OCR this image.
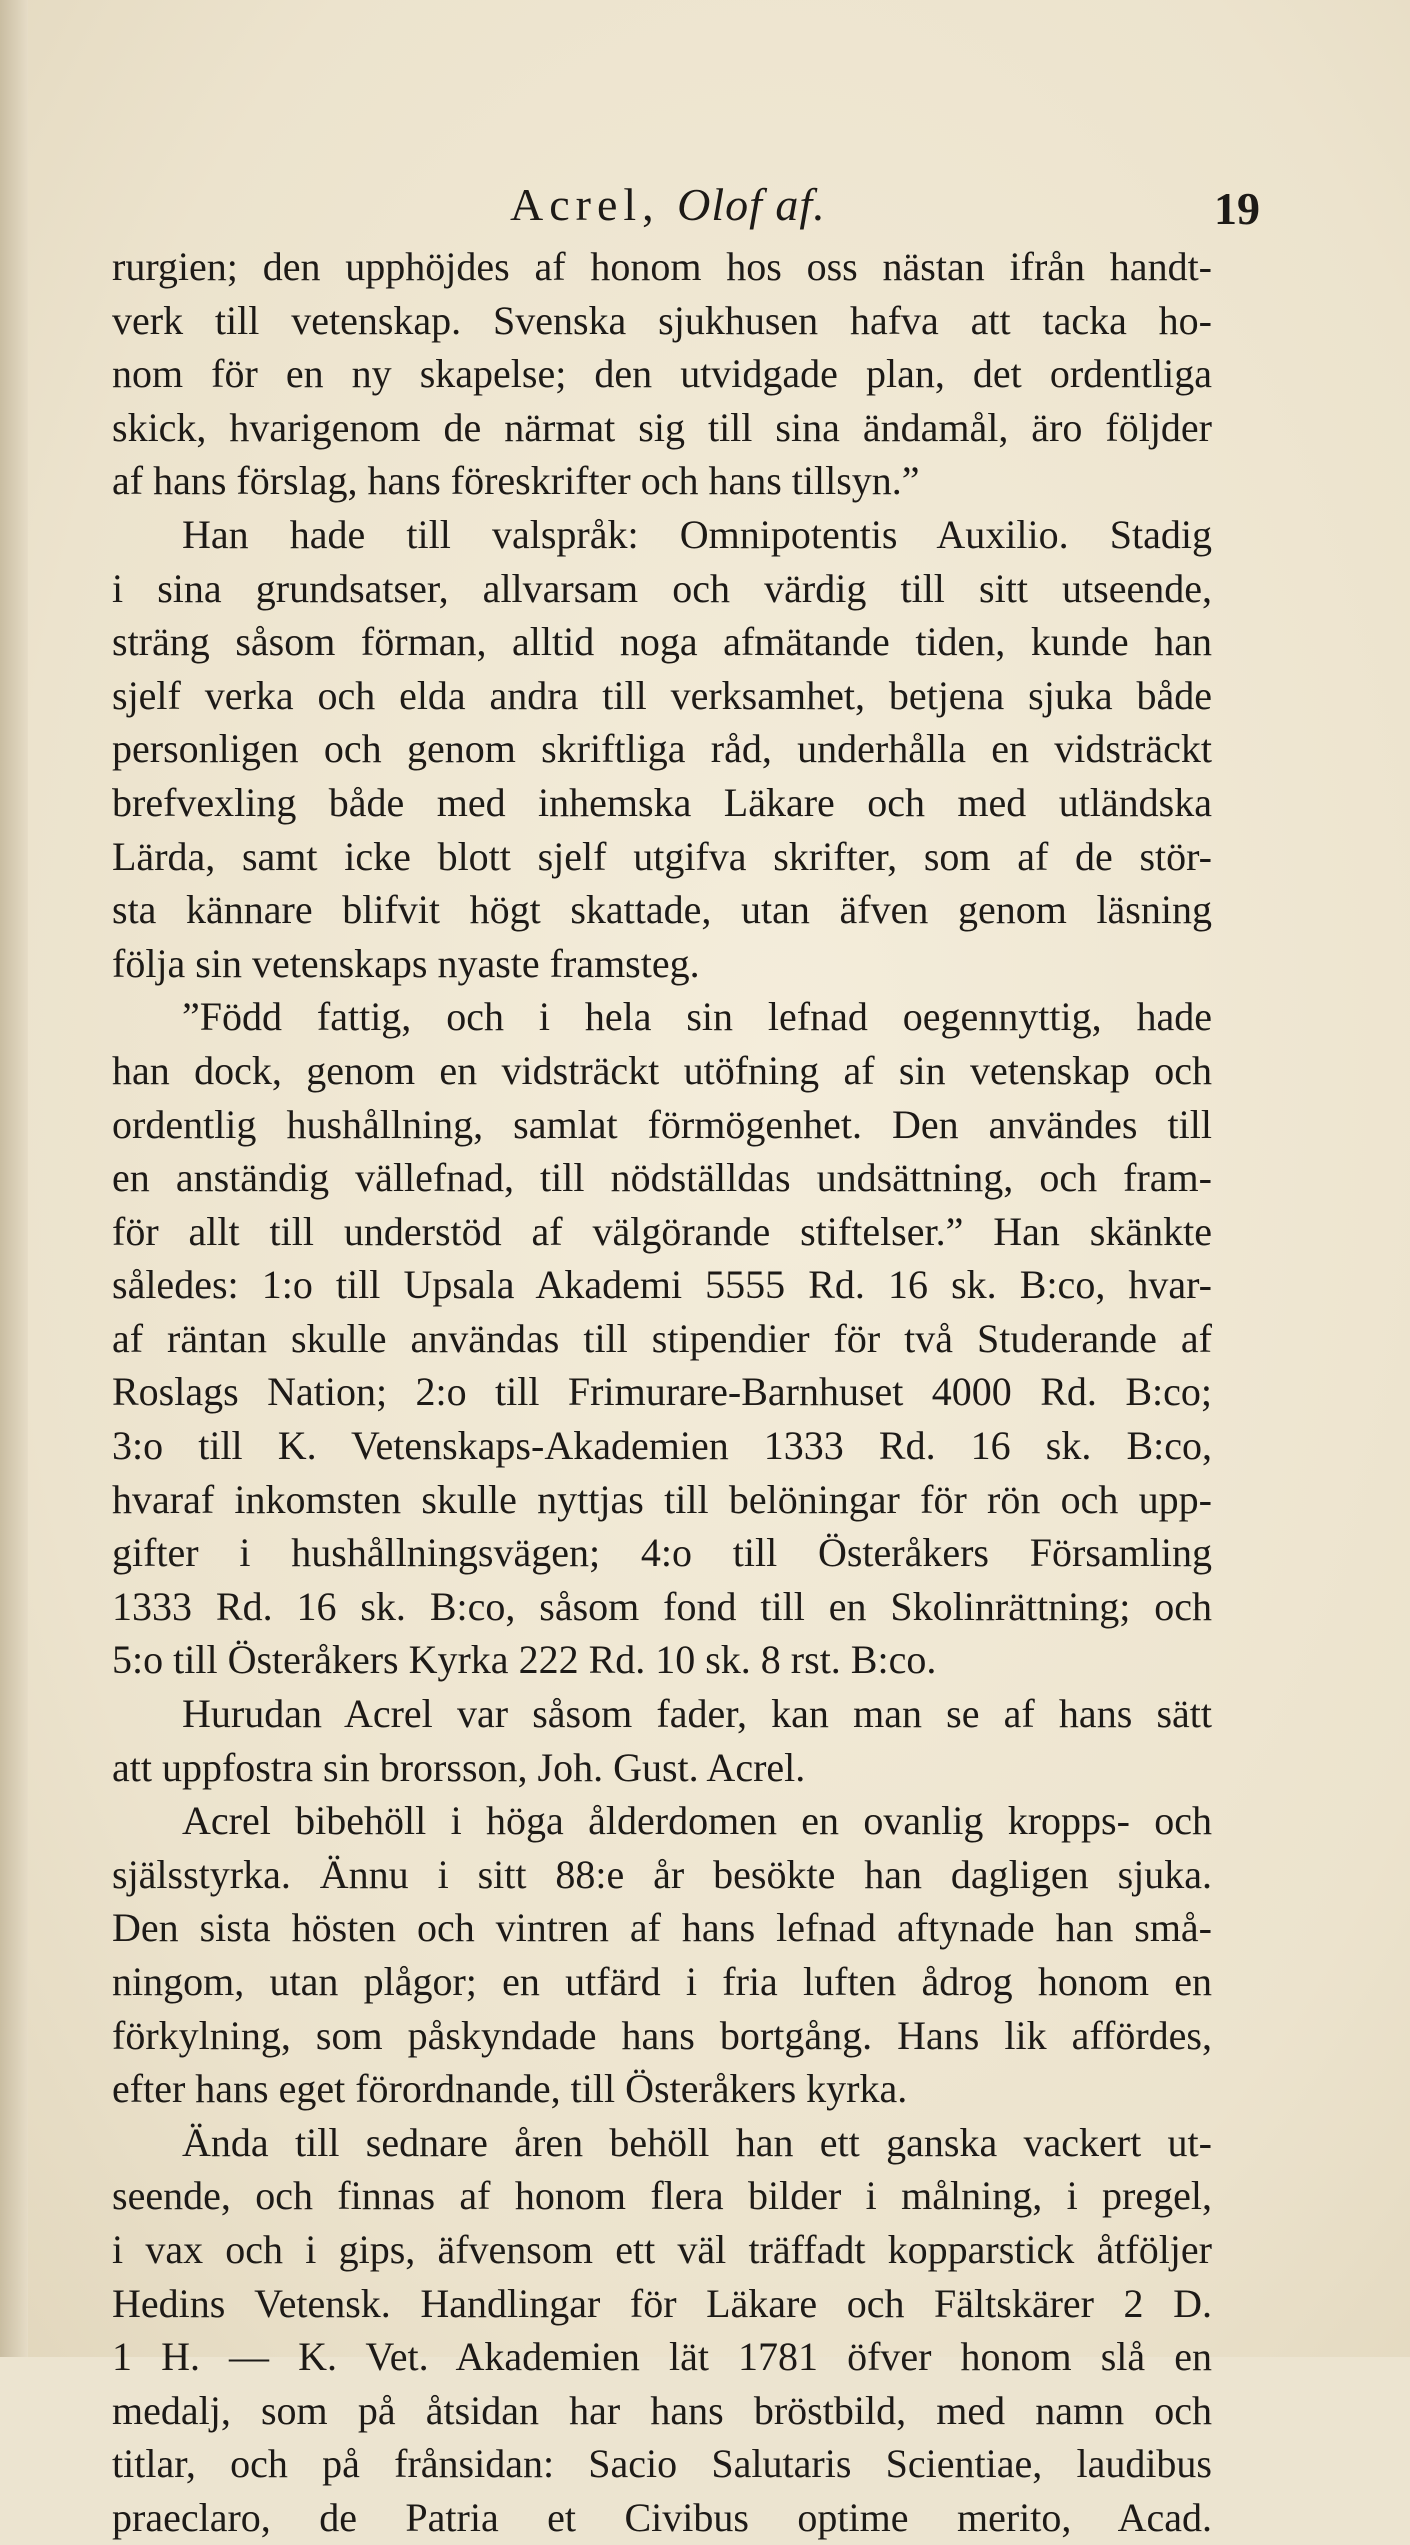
Acrel, Olof af.	19
rurgien; den upphöjdes af honom hos oss nästan ifrån handt-
verk till vetenskap. Svenska sjukhusen hafva att tacka ho-
nom för en ny skapelse; den utvidgade plan, det ordentliga
skick, hvarigenom de närmat sig till sina ändamål, äro följder
af hans förslag, hans föreskrifter och hans tillsyn.”
Han hade till valspråk: Omnipotentis Auxilio. Stadig
i sina grundsatser, allvarsam och värdig till sitt utseende,
sträng såsom förman, alltid noga afmätande tiden, kunde han
sjelf verka och elda andra till verksamhet, betjena sjuka både
personligen och genom skriftliga råd, underhålla en vidsträckt
brefvexling både med inhemska Läkare och med utländska
Lärda, samt icke blott sjelf utgifva skrifter, som af de stör-
sta kännare blifvit högt skattade, utan äfven genom läsning
följa sin vetenskaps nyaste framsteg.
”Född fattig, och i hela sin lefnad oegennyttig, hade
han dock, genom en vidsträckt utöfning af sin vetenskap och
ordentlig hushållning, samlat förmögenhet. Den användes till
en anständig vällefnad, till nödställdas undsättning, och fram-
för allt till understöd af välgörande stiftelser.” Han skänkte
således: 1:o till Upsala Akademi 5555 Rd. 16 sk. B:co, hvar-
af räntan skulle användas till stipendier för två Studerande af
Roslags Nation; 2:o till Frimurare-Barnhuset 4000 Rd. B:co;
3:o till K. Vetenskaps-Akademien 1333 Rd. 16 sk. B:co,
hvaraf inkomsten skulle nyttjas till belöningar för rön och upp-
gifter i hushållningsvägen; 4:o till Österåkers Församling
1333 Rd. 16 sk. B:co, såsom fond till en Skolinrättning; och
5:o till Österåkers Kyrka 222 Rd. 10 sk. 8 rst. B:co.
Hurudan Acrel var såsom fader, kan man se af hans sätt
att uppfostra sin brorsson, Joh. Gust. Acrel.
Acrel bibehöll i höga ålderdomen en ovanlig kropps- och
själsstyrka. Ännu i sitt 88:e år besökte han dagligen sjuka.
Den sista hösten och vintren af hans lefnad aftynade han små-
ningom, utan plågor; en utfärd i fria luften ådrog honom en
förkylning, som påskyndade hans bortgång. Hans lik affördes,
efter hans eget förordnande, till Österåkers kyrka.
Ända till sednare åren behöll han ett ganska vackert ut-
seende, och finnas af honom flera bilder i målning, i pregel,
i vax och i gips, äfvensom ett väl träffadt kopparstick åtföljer
Hedins Vetensk. Handlingar för Läkare och Fältskärer 2 D.
1 H. — K. Vet. Akademien lät 1781 öfver honom slå en
medalj, som på åtsidan har hans bröstbild, med namn och
titlar, och på frånsidan: Sacio Salutaris Scientiae, laudibus
praeclaro, de Patria et Civibus optime merito, Acad.
